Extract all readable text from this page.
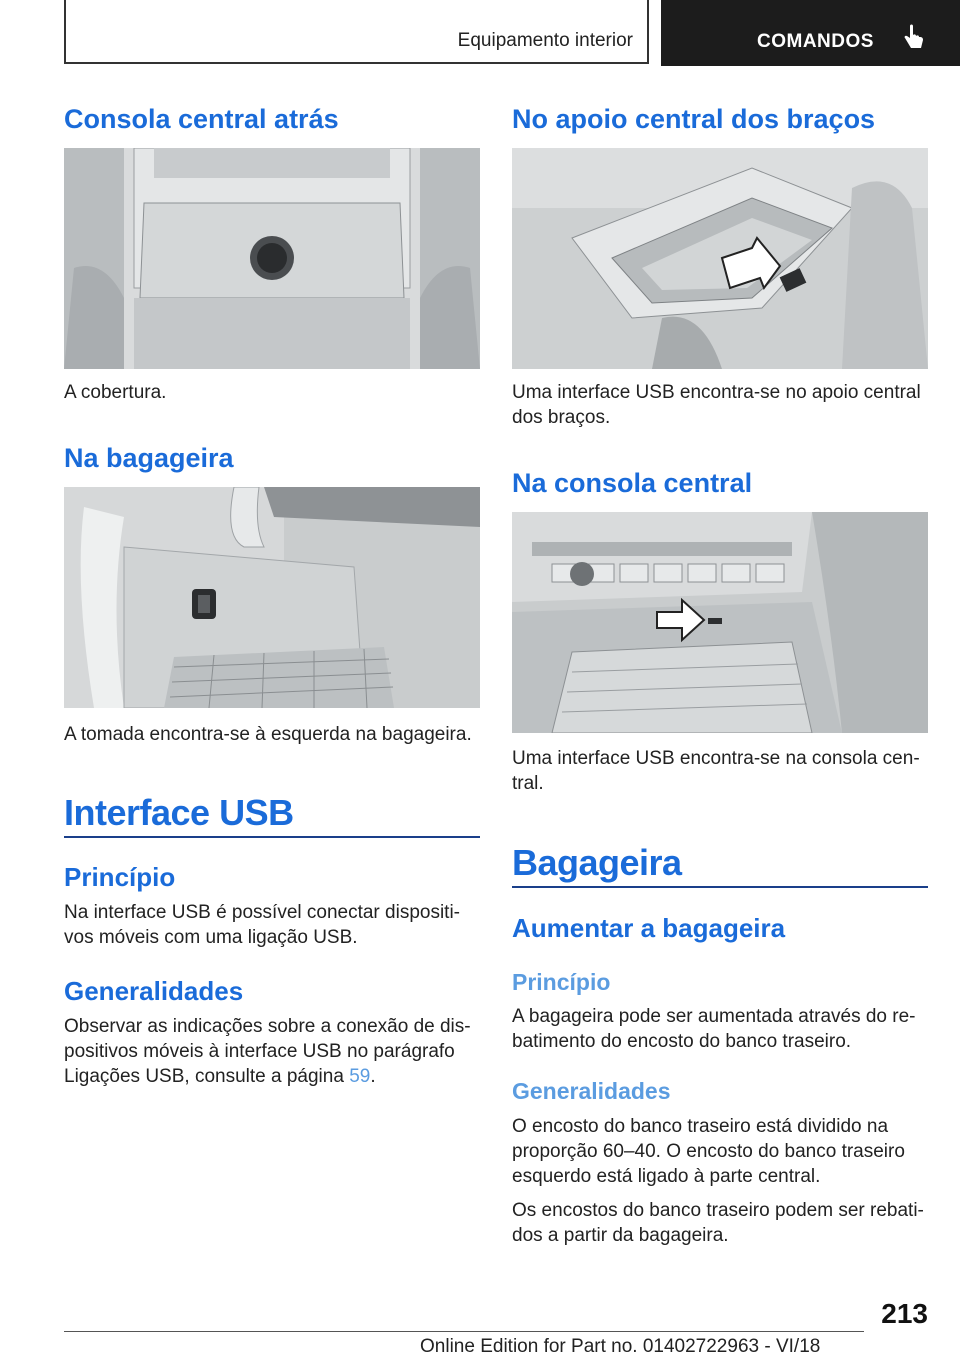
Equipamento interior	COMANDOS
Consola central atrás
A cobertura.
Na bagageira
A tomada encontra-se à esquerda na bagageira.
Interface USB
Princípio
Na interface USB é possível conectar dispositi-vos móveis com uma ligação USB.
Generalidades
Observar as indicações sobre a conexão de dis-positivos móveis à interface USB no parágrafo Ligações USB, consulte a página 59.
No apoio central dos braços
Uma interface USB encontra-se no apoio central dos braços.
Na consola central
Uma interface USB encontra-se na consola cen-tral.
Bagageira
Aumentar a bagageira
Princípio
A bagageira pode ser aumentada através do re-batimento do encosto do banco traseiro.
Generalidades
O encosto do banco traseiro está dividido na proporção 60–40. O encosto do banco traseiro esquerdo está ligado à parte central.
Os encostos do banco traseiro podem ser rebati-dos a partir da bagageira.
213
Online Edition for Part no. 01402722963 - VI/18
